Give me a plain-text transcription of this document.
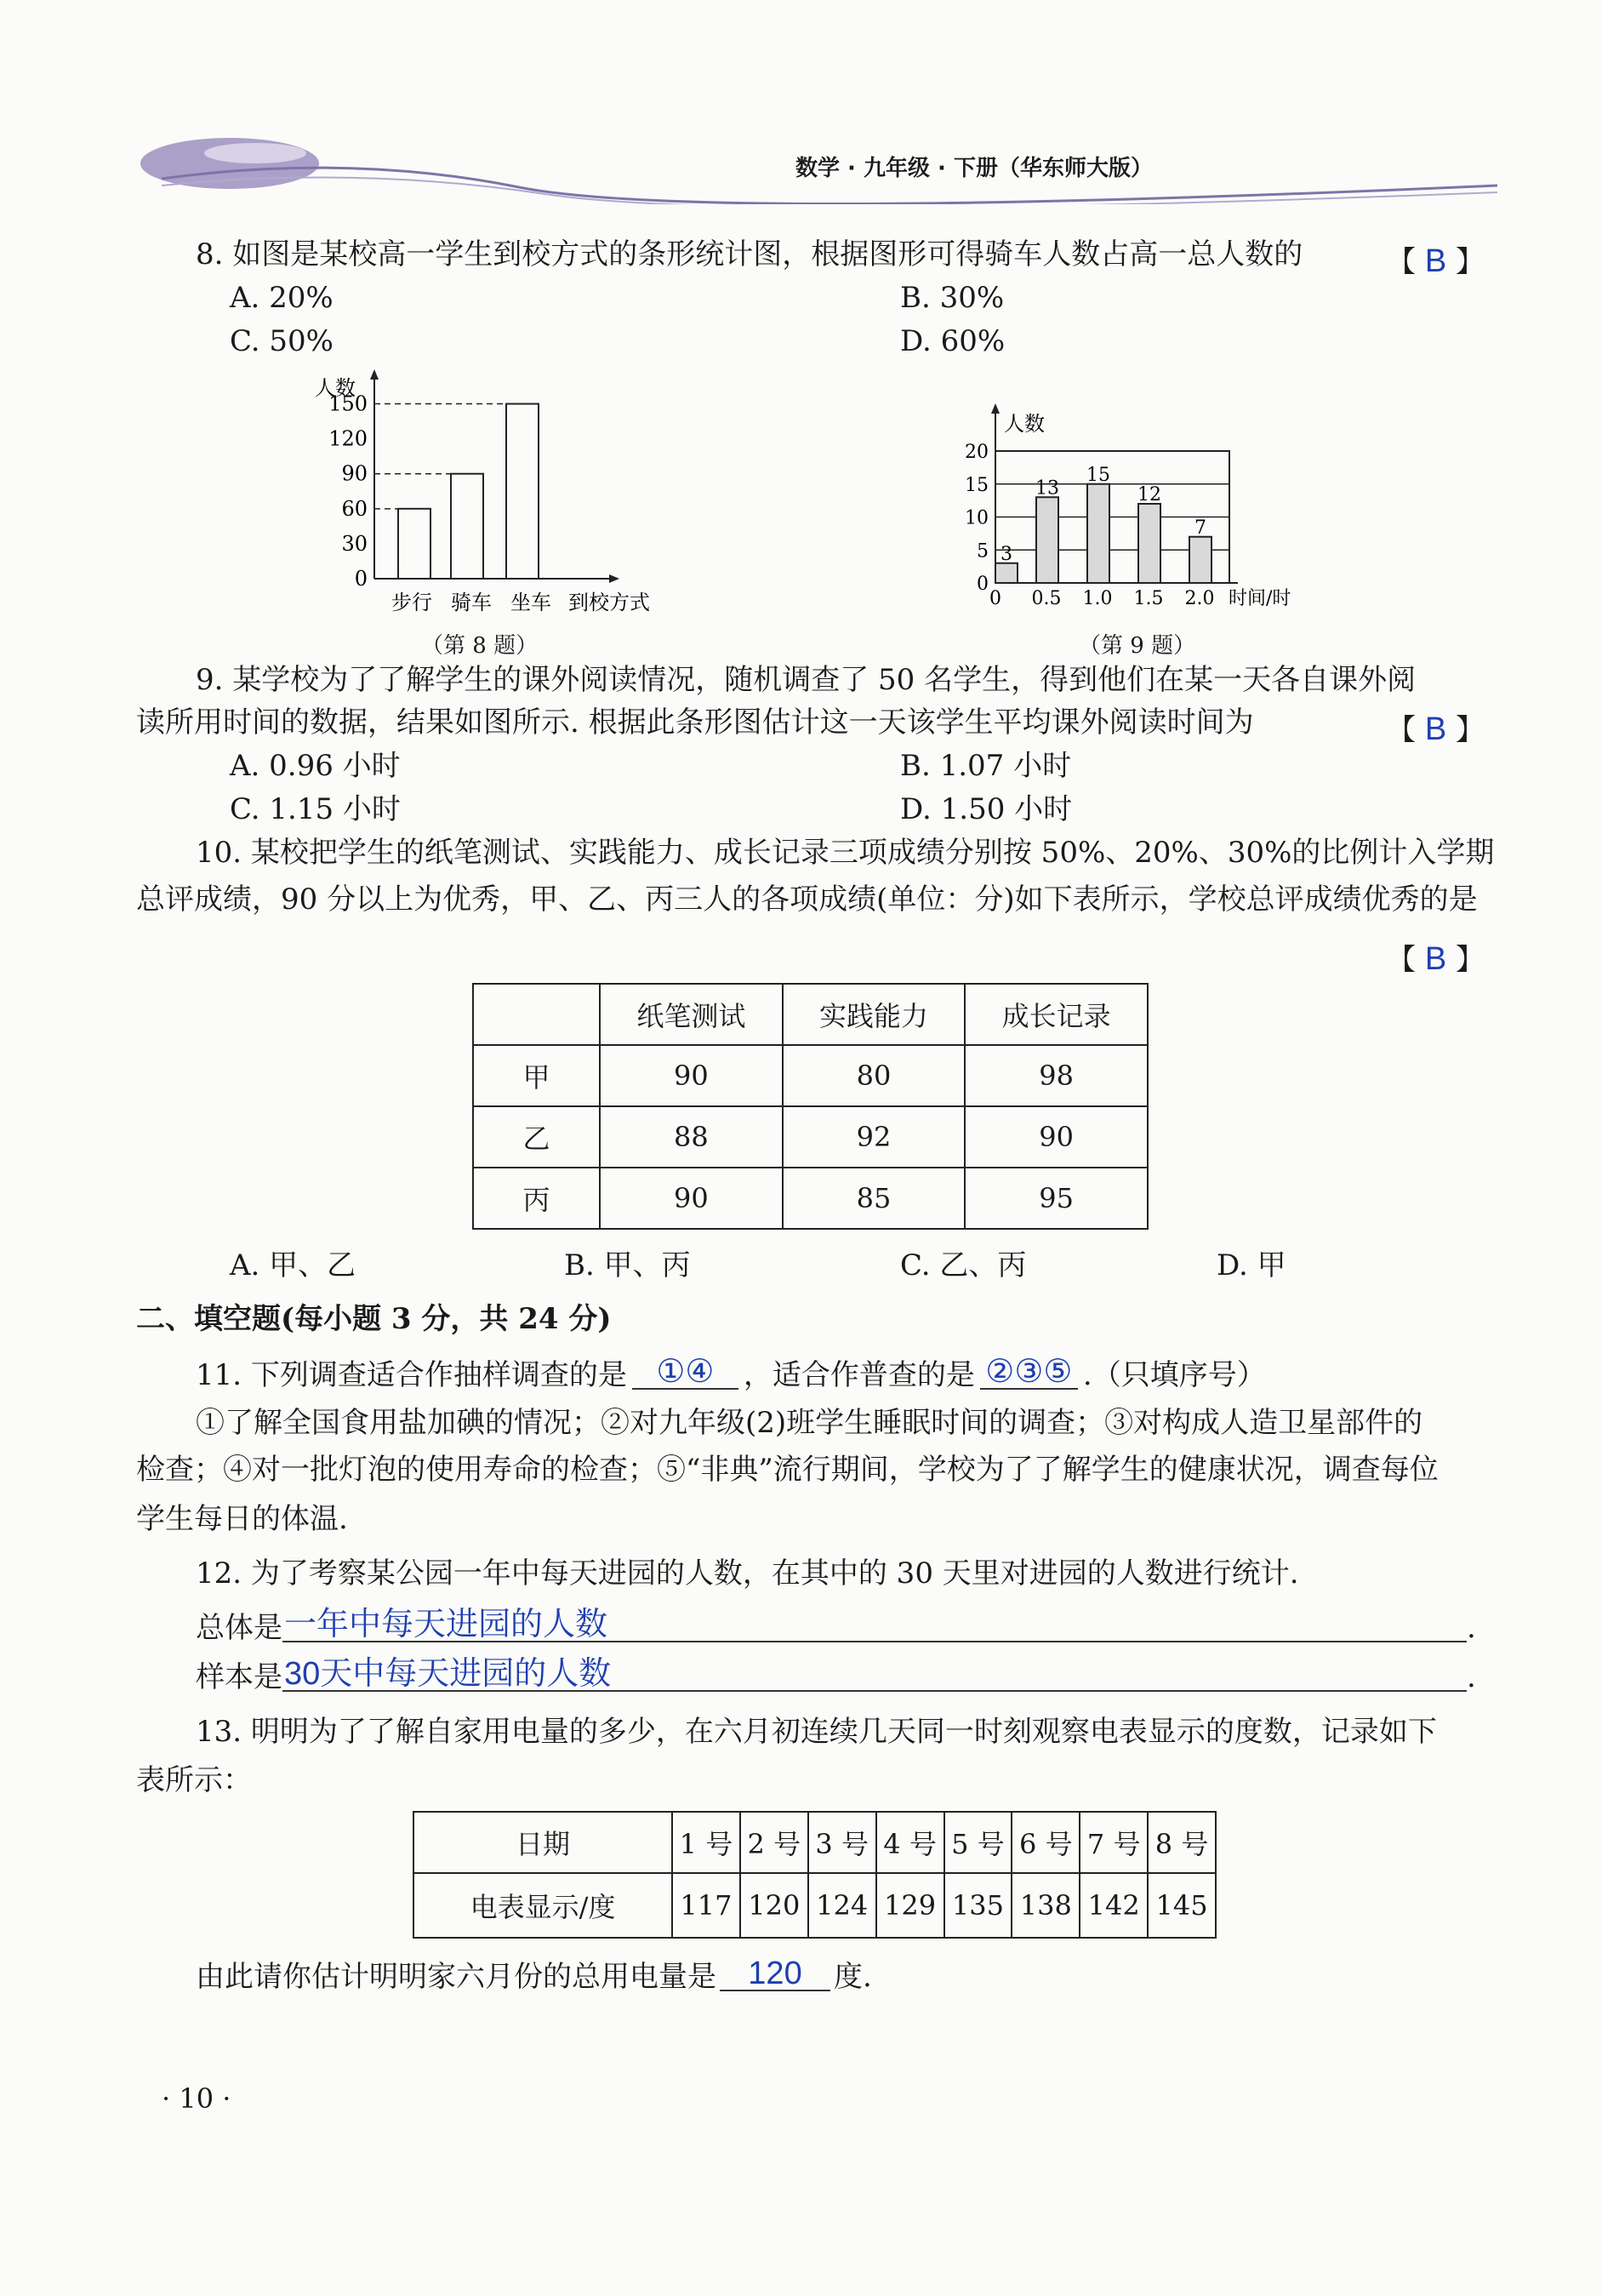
数学 · 九年级 · 下册（华东师大版）
8. 如图是某校高一学生到校方式的条形统计图，根据图形可得骑车人数占高一总人数的	【 B 】
A. 20%	B. 30%
C. 50%	D. 60%
人数
0
30
60
90
120
150
步行 骑车 坐车 到校方式
（第 8 题）
人数
0
5
10
15
20
3
13
15
12
7
0 0.5 1.0 1.5 2.0 时间/时
（第 9 题）
9. 某学校为了了解学生的课外阅读情况，随机调查了 50 名学生，得到他们在某一天各自课外阅
读所用时间的数据，结果如图所示. 根据此条形图估计这一天该学生平均课外阅读时间为	【 B 】
A. 0.96 小时	B. 1.07 小时
C. 1.15 小时	D. 1.50 小时
10. 某校把学生的纸笔测试、实践能力、成长记录三项成绩分别按 50%、20%、30%的比例计入学期
总评成绩，90 分以上为优秀，甲、乙、丙三人的各项成绩(单位：分)如下表所示，学校总评成绩优秀的是
【 B 】
	纸笔测试	实践能力	成长记录
甲	90	80	98
乙	88	92	90
丙	90	85	95
A. 甲、乙	B. 甲、丙	C. 乙、丙	D. 甲
二、填空题(每小题 3 分，共 24 分)
11. 下列调查适合作抽样调查的是 ①④	，适合作普查的是 ②③⑤ .（只填序号）
①了解全国食用盐加碘的情况；②对九年级(2)班学生睡眠时间的调查；③对构成人造卫星部件的
检查；④对一批灯泡的使用寿命的检查；⑤“非典”流行期间，学校为了了解学生的健康状况，调查每位
学生每日的体温.
12. 为了考察某公园一年中每天进园的人数，在其中的 30 天里对进园的人数进行统计.
总体是 一年中每天进园的人数	.
样本是 30天中每天进园的人数	.
13. 明明为了了解自家用电量的多少，在六月初连续几天同一时刻观察电表显示的度数，记录如下
表所示：
日期	1 号	2 号	3 号	4 号	5 号	6 号	7 号	8 号
电表显示/度	117	120	124	129	135	138	142	145
由此请你估计明明家六月份的总用电量是 120	度.
· 10 ·
